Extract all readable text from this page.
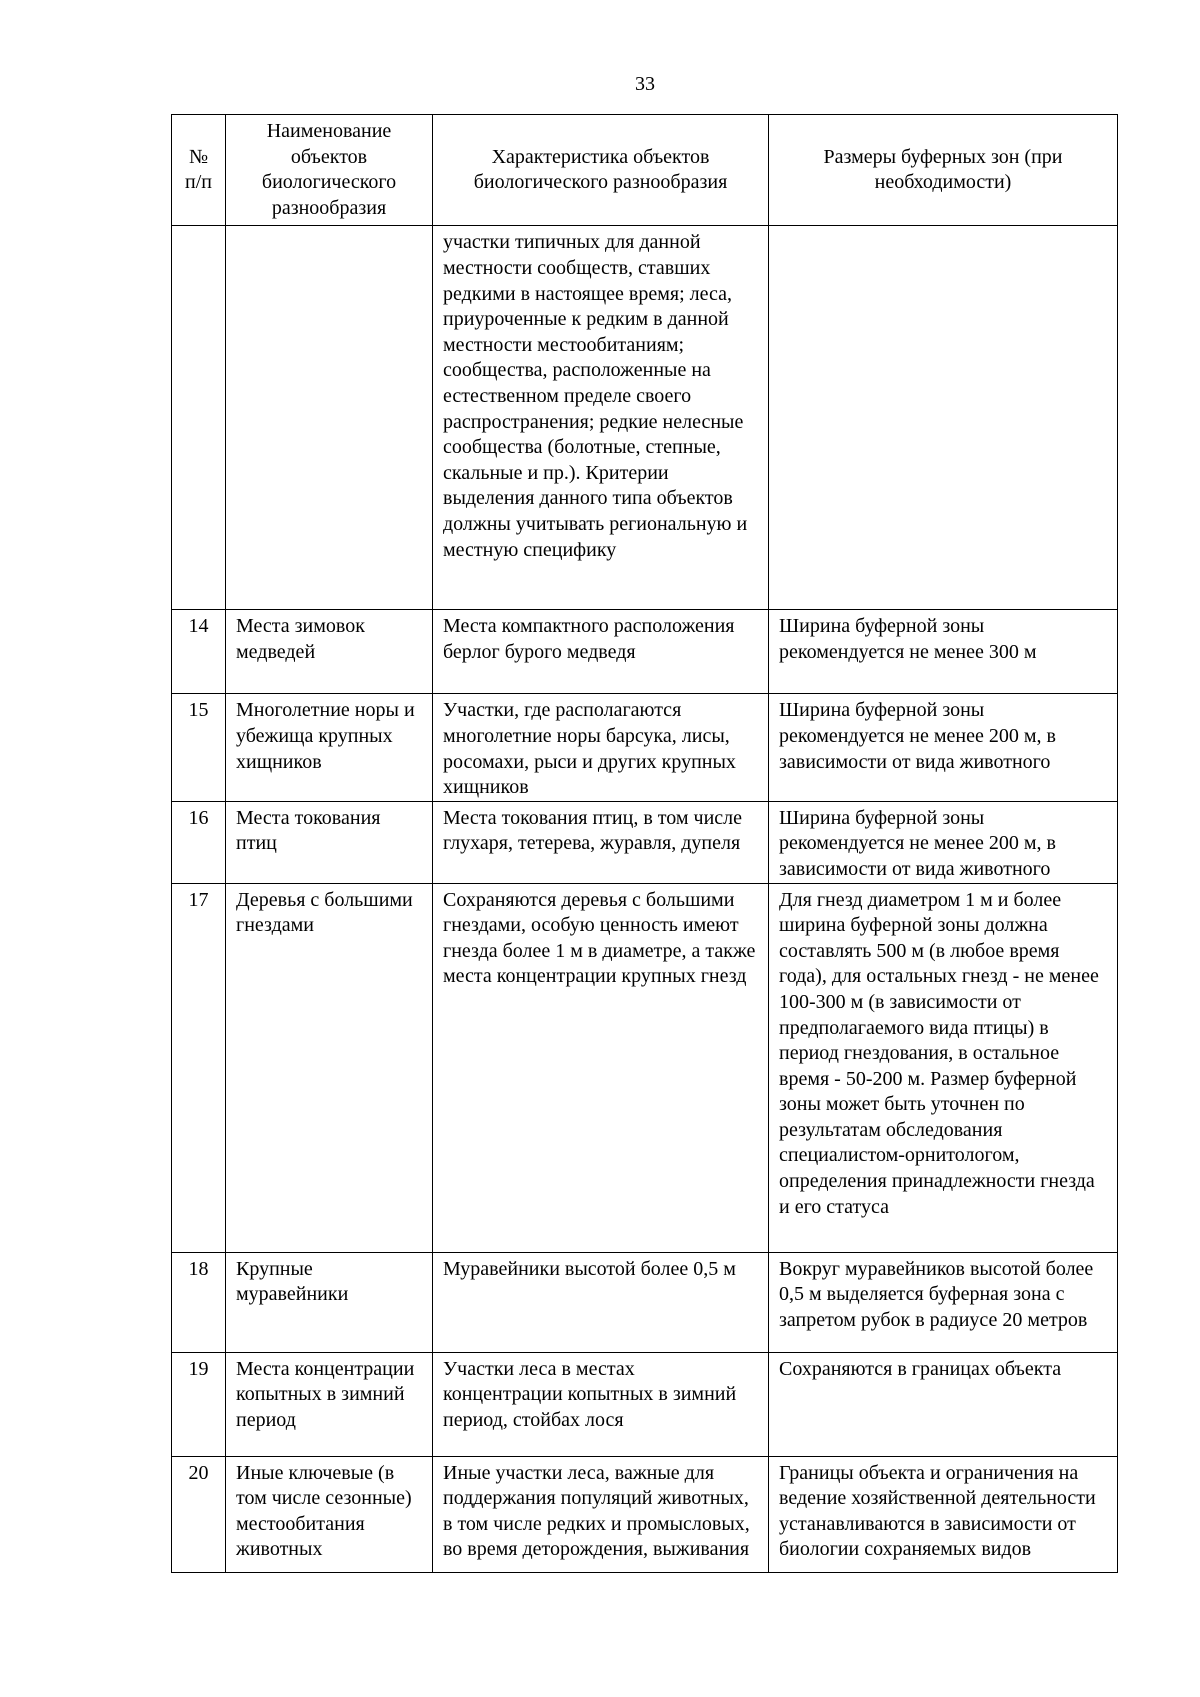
33
№ п/п	Наименование объектов биологического разнообразия	Характеристика объектов биологического разнообразия	Размеры буферных зон (при необходимости)
		участки типичных для данной местности сообществ, ставших редкими в настоящее время; леса, приуроченные к редким в данной местности местообитаниям; сообщества, расположенные на естественном пределе своего распространения; редкие нелесные сообщества (болотные, степные, скальные и пр.). Критерии выделения данного типа объектов должны учитывать региональную и местную специфику	
14	Места зимовок медведей	Места компактного расположения берлог бурого медведя	Ширина буферной зоны рекомендуется не менее 300 м
15	Многолетние норы и убежища крупных хищников	Участки, где располагаются многолетние норы барсука, лисы, росомахи, рыси и других крупных хищников	Ширина буферной зоны рекомендуется не менее 200 м, в зависимости от вида животного
16	Места токования птиц	Места токования птиц, в том числе глухаря, тетерева, журавля, дупеля	Ширина буферной зоны рекомендуется не менее 200 м, в зависимости от вида животного
17	Деревья с большими гнездами	Сохраняются деревья с большими гнездами, особую ценность имеют гнезда более 1 м в диаметре, а также места концентрации крупных гнезд	Для гнезд диаметром 1 м и более ширина буферной зоны должна составлять 500 м (в любое время года), для остальных гнезд - не менее 100-300 м (в зависимости от предполагаемого вида птицы) в период гнездования, в остальное время - 50-200 м. Размер буферной зоны может быть уточнен по результатам обследования специалистом-орнитологом, определения принадлежности гнезда и его статуса
18	Крупные муравейники	Муравейники высотой более 0,5 м	Вокруг муравейников высотой более 0,5 м выделяется буферная зона с запретом рубок в радиусе 20 метров
19	Места концентрации копытных в зимний период	Участки леса в местах концентрации копытных в зимний период, стойбах лося	Сохраняются в границах объекта
20	Иные ключевые (в том числе сезонные) местообитания животных	Иные участки леса, важные для поддержания популяций животных, в том числе редких и промысловых, во время деторождения, выживания	Границы объекта и ограничения на ведение хозяйственной деятельности устанавливаются в зависимости от биологии сохраняемых видов
